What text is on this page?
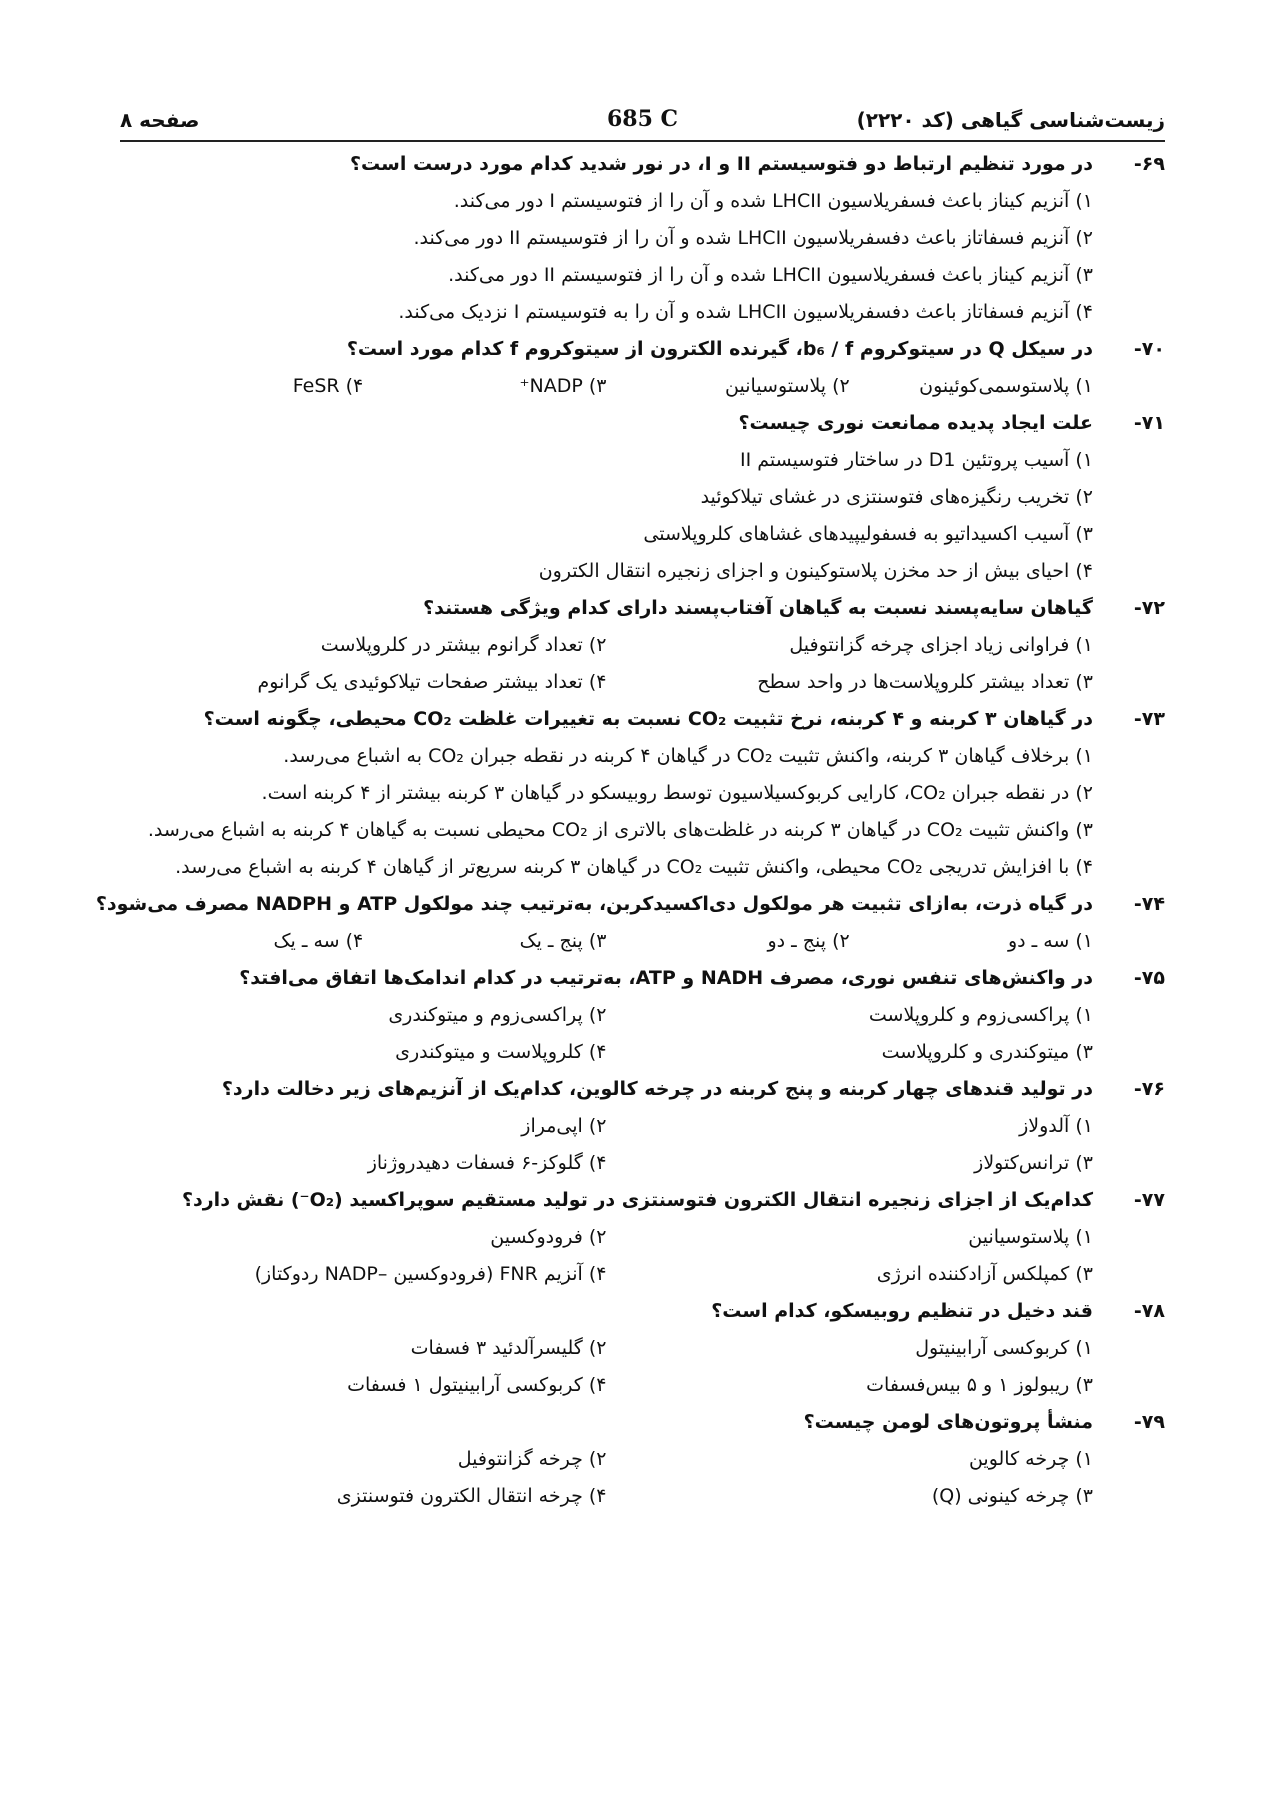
زیست‌شناسی گیاهی (کد ۲۲۲۰)
685 C
صفحه ۸
۶۹-
در مورد تنظیم ارتباط دو فتوسیستم II و I، در نور شدید کدام مورد درست است؟
۱) آنزیم کیناز باعث فسفریلاسیون LHCII شده و آن را از فتوسیستم I دور می‌کند.
۲) آنزیم فسفاتاز باعث دفسفریلاسیون LHCII شده و آن را از فتوسیستم II دور می‌کند.
۳) آنزیم کیناز باعث فسفریلاسیون LHCII شده و آن را از فتوسیستم II دور می‌کند.
۴) آنزیم فسفاتاز باعث دفسفریلاسیون LHCII شده و آن را به فتوسیستم I نزدیک می‌کند.
۷۰-
در سیکل Q در سیتوکروم b₆ / f، گیرنده الکترون از سیتوکروم f کدام مورد است؟
۱) پلاستوسمی‌کوئینون
۲) پلاستوسیانین
۳) NADP⁺
۴) FeSR
۷۱-
علت ایجاد پدیده ممانعت نوری چیست؟
۱) آسیب پروتئین D1 در ساختار فتوسیستم II
۲) تخریب رنگیزه‌های فتوسنتزی در غشای تیلاکوئید
۳) آسیب اکسیداتیو به فسفولیپیدهای غشاهای کلروپلاستی
۴) احیای بیش از حد مخزن پلاستوکینون و اجزای زنجیره انتقال الکترون
۷۲-
گیاهان سایه‌پسند نسبت به گیاهان آفتاب‌پسند دارای کدام ویژگی هستند؟
۱) فراوانی زیاد اجزای چرخه گزانتوفیل
۲) تعداد گرانوم بیشتر در کلروپلاست
۳) تعداد بیشتر کلروپلاست‌ها در واحد سطح
۴) تعداد بیشتر صفحات تیلاکوئیدی یک گرانوم
۷۳-
در گیاهان ۳ کربنه و ۴ کربنه، نرخ تثبیت CO₂ نسبت به تغییرات غلظت CO₂ محیطی، چگونه است؟
۱) برخلاف گیاهان ۳ کربنه، واکنش تثبیت CO₂ در گیاهان ۴ کربنه در نقطه جبران CO₂ به اشباع می‌رسد.
۲) در نقطه جبران CO₂، کارایی کربوکسیلاسیون توسط روبیسکو در گیاهان ۳ کربنه بیشتر از ۴ کربنه است.
۳) واکنش تثبیت CO₂ در گیاهان ۳ کربنه در غلظت‌های بالاتری از CO₂ محیطی نسبت به گیاهان ۴ کربنه به اشباع می‌رسد.
۴) با افزایش تدریجی CO₂ محیطی، واکنش تثبیت CO₂ در گیاهان ۳ کربنه سریع‌تر از گیاهان ۴ کربنه به اشباع می‌رسد.
۷۴-
در گیاه ذرت، به‌ازای تثبیت هر مولکول دی‌اکسیدکربن، به‌ترتیب چند مولکول ATP و NADPH مصرف می‌شود؟
۱) سه ـ دو
۲) پنج ـ دو
۳) پنج ـ یک
۴) سه ـ یک
۷۵-
در واکنش‌های تنفس نوری، مصرف NADH و ATP، به‌ترتیب در کدام اندامک‌ها اتفاق می‌افتد؟
۱) پراکسی‌زوم و کلروپلاست
۲) پراکسی‌زوم و میتوکندری
۳) میتوکندری و کلروپلاست
۴) کلروپلاست و میتوکندری
۷۶-
در تولید قندهای چهار کربنه و پنج کربنه در چرخه کالوین، کدام‌یک از آنزیم‌های زیر دخالت دارد؟
۱) آلدولاز
۲) اپی‌مراز
۳) ترانس‌کتولاز
۴) گلوکز-۶ فسفات دهیدروژناز
۷۷-
کدام‌یک از اجزای زنجیره انتقال الکترون فتوسنتزی در تولید مستقیم سوپراکسید (O₂⁻) نقش دارد؟
۱) پلاستوسیانین
۲) فرودوکسین
۳) کمپلکس آزادکننده انرژی
۴) آنزیم FNR (فرودوکسین –NADP ردوکتاز)
۷۸-
قند دخیل در تنظیم روبیسکو، کدام است؟
۱) کربوکسی آرابینیتول
۲) گلیسرآلدئید ۳ فسفات
۳) ریبولوز ۱ و ۵ بیس‌فسفات
۴) کربوکسی آرابینیتول ۱ فسفات
۷۹-
منشأ پروتون‌های لومن چیست؟
۱) چرخه کالوین
۲) چرخه گزانتوفیل
۳) چرخه کینونی (Q)
۴) چرخه انتقال الکترون فتوسنتزی
